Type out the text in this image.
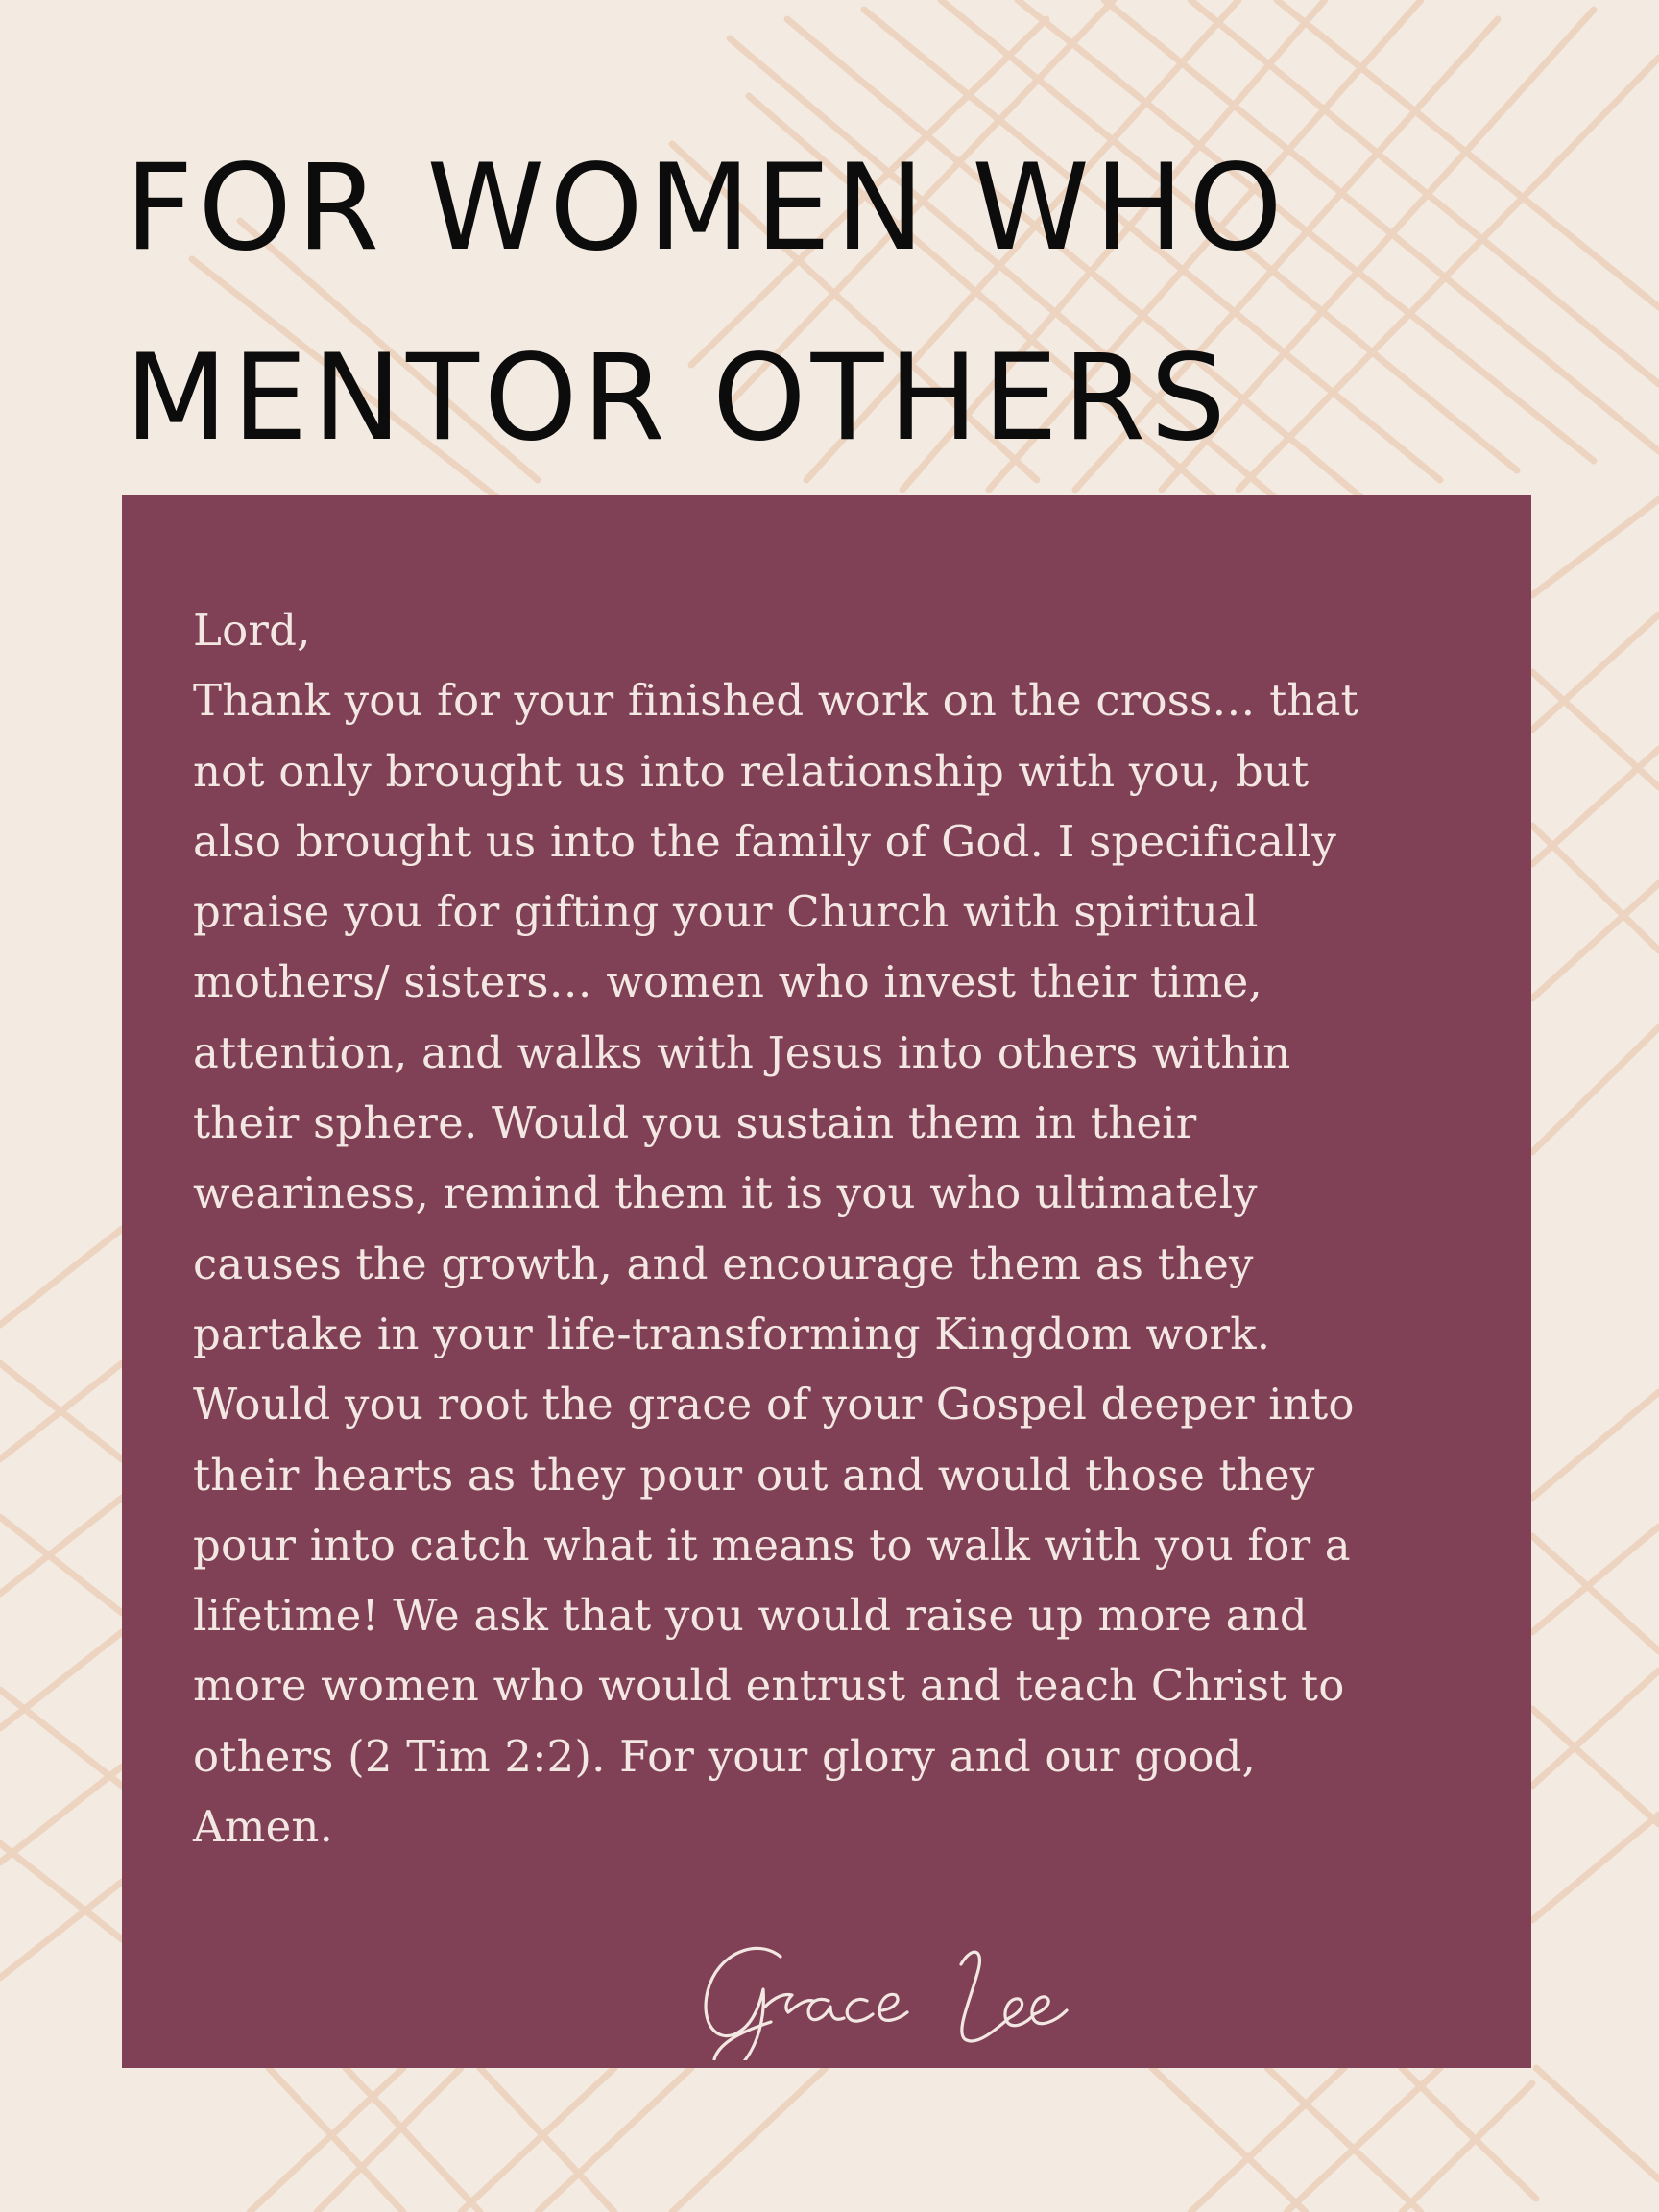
FOR WOMEN WHO
MENTOR OTHERS
Lord,
Thank you for your finished work on the cross… that
not only brought us into relationship with you, but
also brought us into the family of God. I specifically
praise you for gifting your Church with spiritual
mothers/ sisters… women who invest their time,
attention, and walks with Jesus into others within
their sphere. Would you sustain them in their
weariness, remind them it is you who ultimately
causes the growth, and encourage them as they
partake in your life-transforming Kingdom work.
Would you root the grace of your Gospel deeper into
their hearts as they pour out and would those they
pour into catch what it means to walk with you for a
lifetime! We ask that you would raise up more and
more women who would entrust and teach Christ to
others (2 Tim 2:2). For your glory and our good,
Amen.
